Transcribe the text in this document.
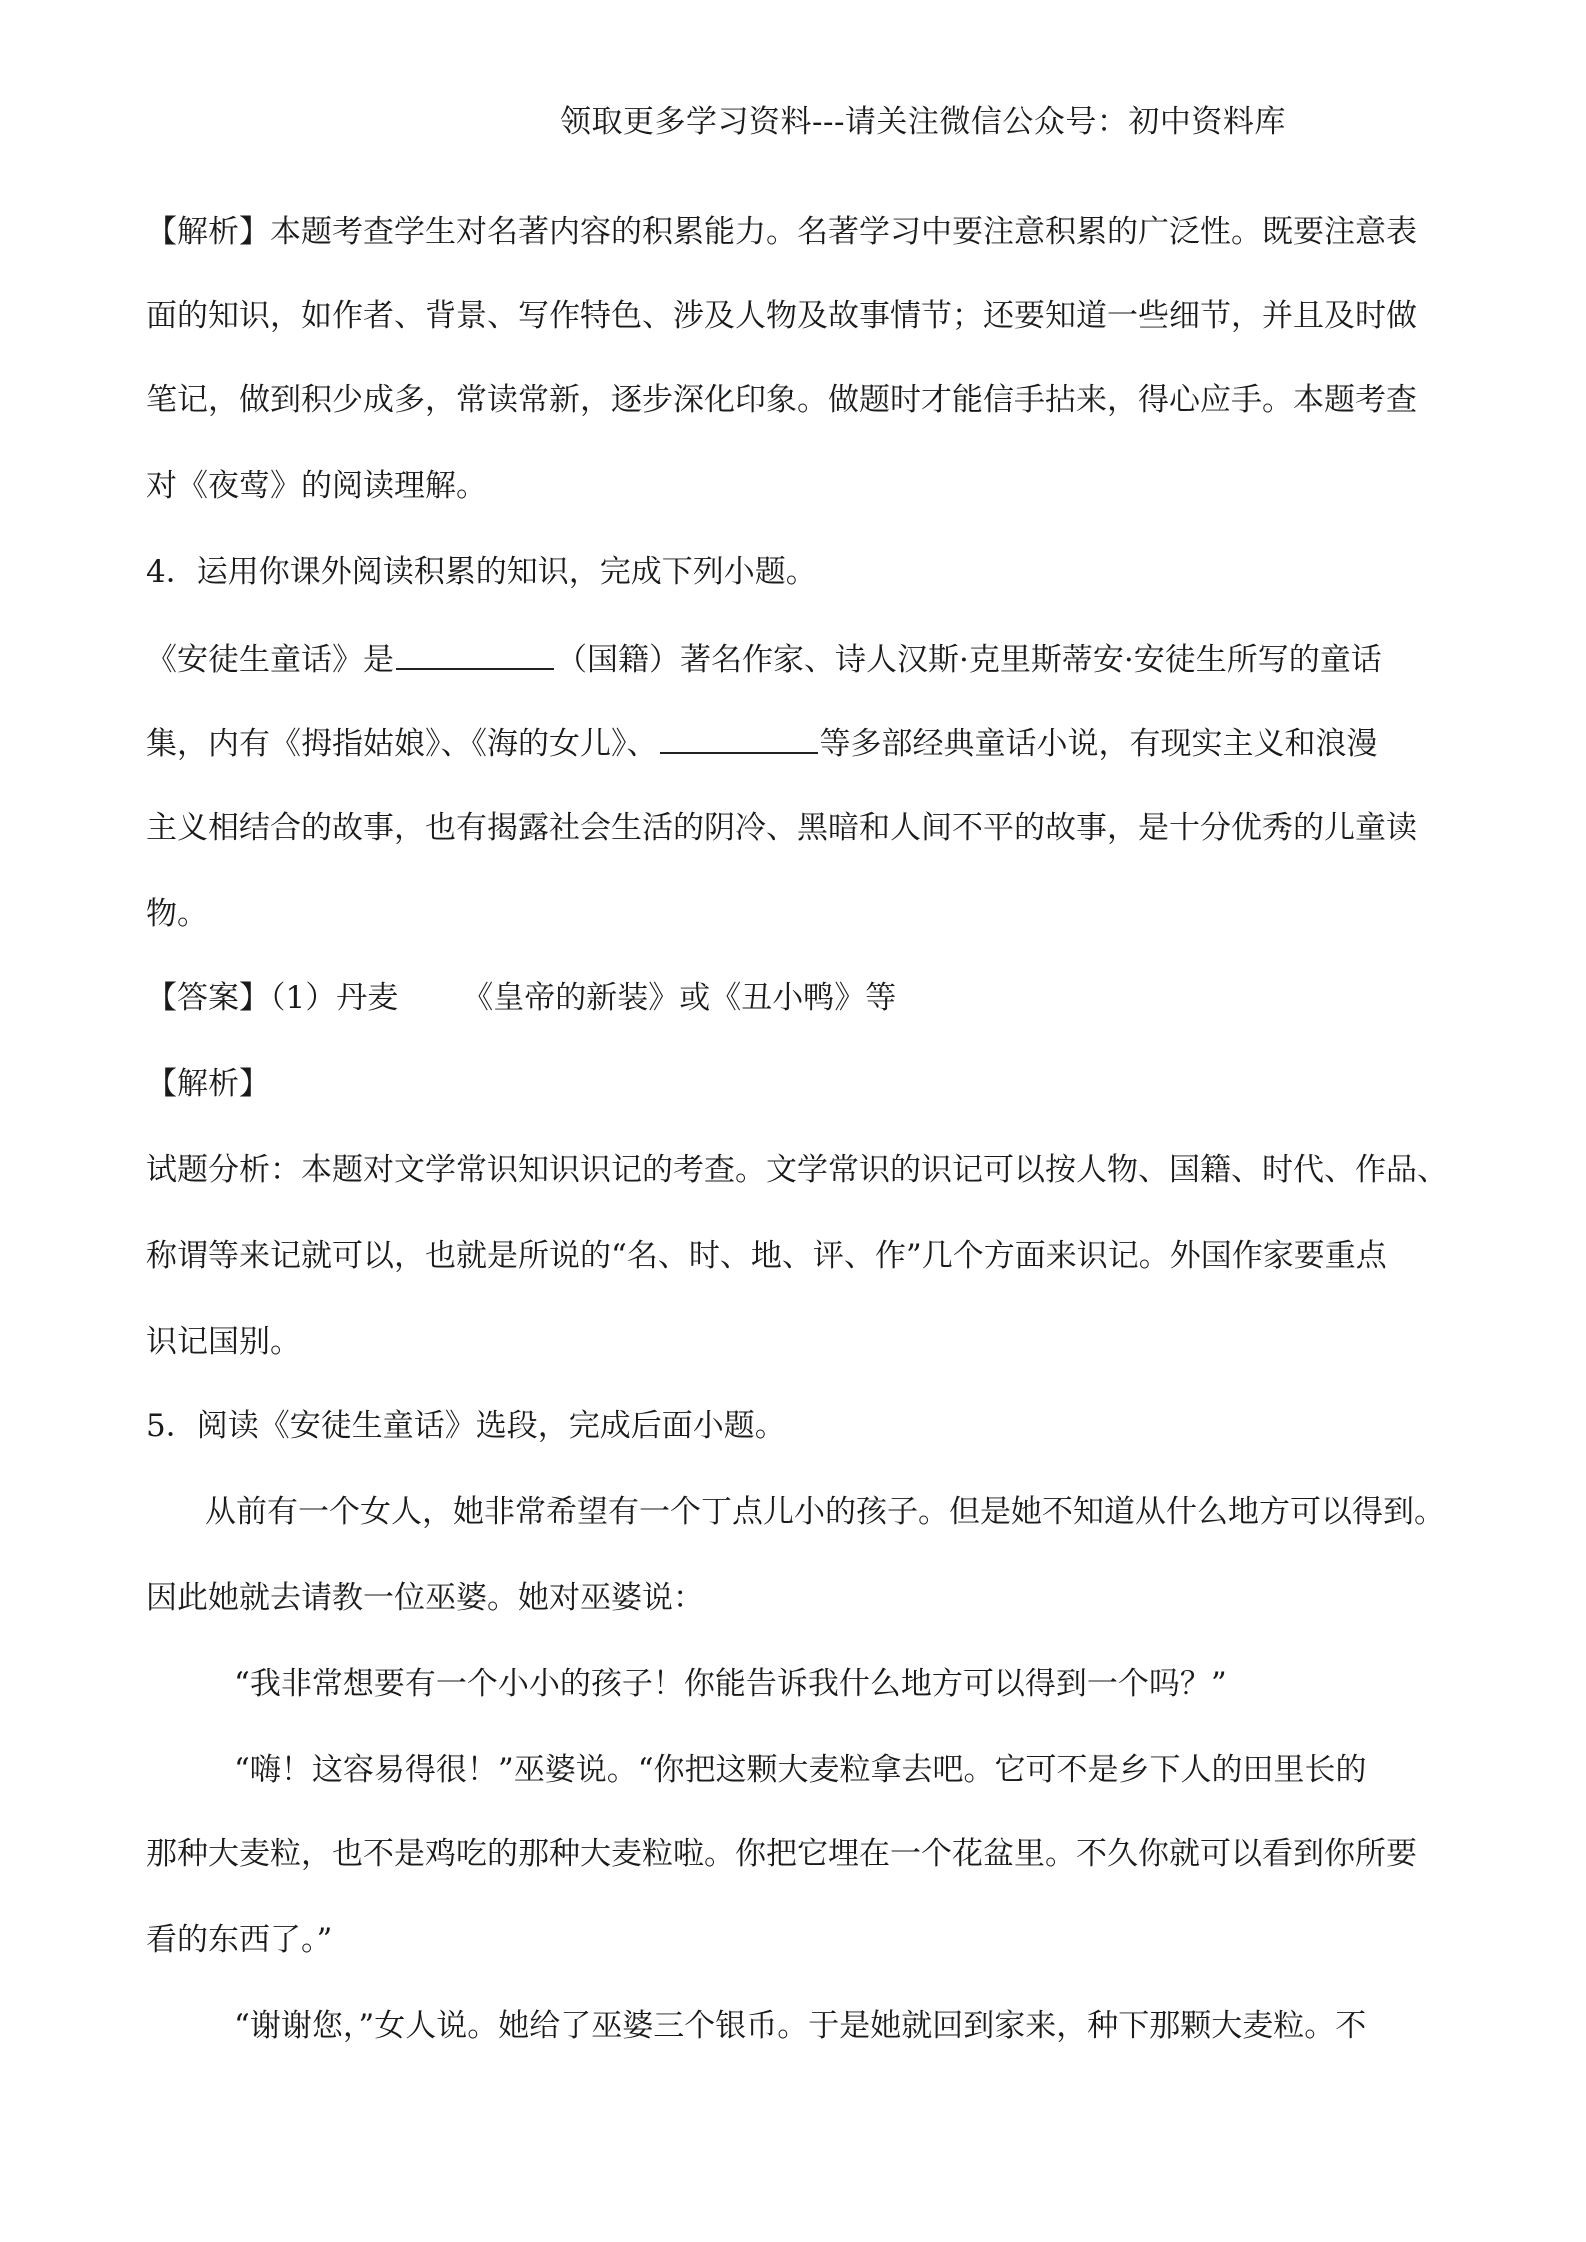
领取更多学习资料---请关注微信公众号：初中资料库
【解析】本题考查学生对名著内容的积累能力。名著学习中要注意积累的广泛性。既要注意表
面的知识，如作者、背景、写作特色、涉及人物及故事情节；还要知道一些细节，并且及时做
笔记，做到积少成多，常读常新，逐步深化印象。做题时才能信手拈来，得心应手。本题考查
对《夜莺》的阅读理解。
4．运用你课外阅读积累的知识，完成下列小题。
《安徒生童话》是	（国籍）著名作家、诗人汉斯·克里斯蒂安·安徒生所写的童话
集，内有《拇指姑娘》、《海的女儿》、	等多部经典童话小说，有现实主义和浪漫
主义相结合的故事，也有揭露社会生活的阴冷、黑暗和人间不平的故事，是十分优秀的儿童读
物。
【答案】（1）丹麦 《皇帝的新装》或《丑小鸭》等
【解析】
试题分析：本题对文学常识知识识记的考查。文学常识的识记可以按人物、国籍、时代、作品、
称谓等来记就可以，也就是所说的“名、时、地、评、作”几个方面来识记。外国作家要重点
识记国别。
5．阅读《安徒生童话》选段，完成后面小题。
从前有一个女人，她非常希望有一个丁点儿小的孩子。但是她不知道从什么地方可以得到。
因此她就去请教一位巫婆。她对巫婆说：
“我非常想要有一个小小的孩子！你能告诉我什么地方可以得到一个吗？”
“嗨！这容易得很！”巫婆说。“你把这颗大麦粒拿去吧。它可不是乡下人的田里长的
那种大麦粒，也不是鸡吃的那种大麦粒啦。你把它埋在一个花盆里。不久你就可以看到你所要
看的东西了。”
“谢谢您，”女人说。她给了巫婆三个银币。于是她就回到家来，种下那颗大麦粒。不
